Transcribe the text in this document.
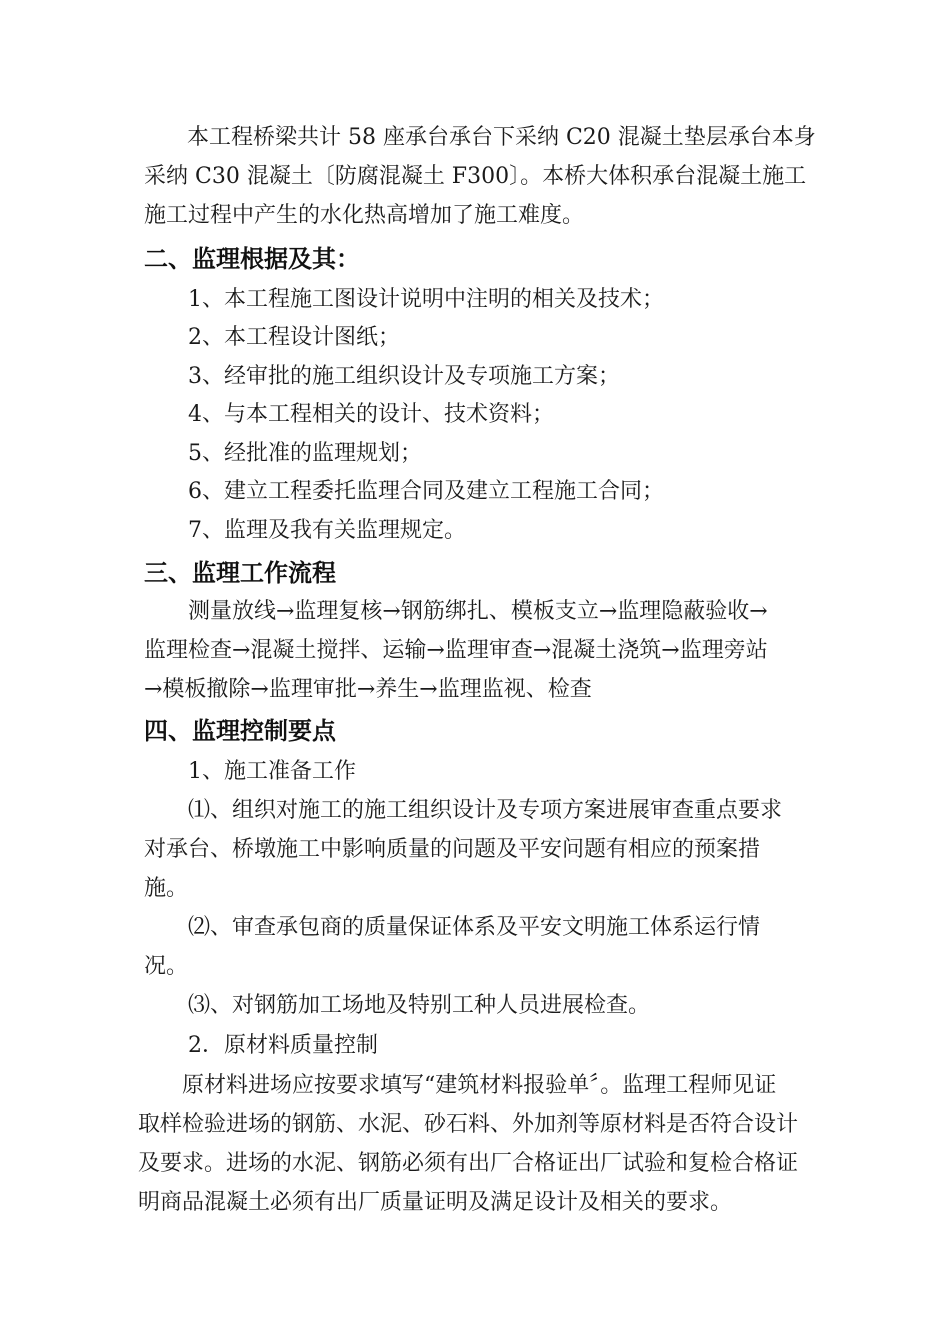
本工程桥梁共计 58 座承台承台下采纳 C20 混凝土垫层承台本身
采纳 C30 混凝土〔防腐混凝土 F300〕。本桥大体积承台混凝土施工
施工过程中产生的水化热高增加了施工难度。
二、监理根据及其：
1、本工程施工图设计说明中注明的相关及技术；
2、本工程设计图纸；
3、经审批的施工组织设计及专项施工方案；
4、与本工程相关的设计、技术资料；
5、经批准的监理规划；
6、建立工程委托监理合同及建立工程施工合同；
7、监理及我有关监理规定。
三、监理工作流程
测量放线→监理复核→钢筋绑扎、模板支立→监理隐蔽验收→
监理检查→混凝土搅拌、运输→监理审查→混凝土浇筑→监理旁站
→模板撤除→监理审批→养生→监理监视、检查
四、监理控制要点
1、施工准备工作
⑴、组织对施工的施工组织设计及专项方案进展审查重点要求
对承台、桥墩施工中影响质量的问题及平安问题有相应的预案措
施。
⑵、审查承包商的质量保证体系及平安文明施工体系运行情
况。
⑶、对钢筋加工场地及特别工种人员进展检查。
2．原材料质量控制
原材料进场应按要求填写“建筑材料报验单〞。监理工程师见证
取样检验进场的钢筋、水泥、砂石料、外加剂等原材料是否符合设计
及要求。进场的水泥、钢筋必须有出厂合格证出厂试验和复检合格证
明商品混凝土必须有出厂质量证明及满足设计及相关的要求。
